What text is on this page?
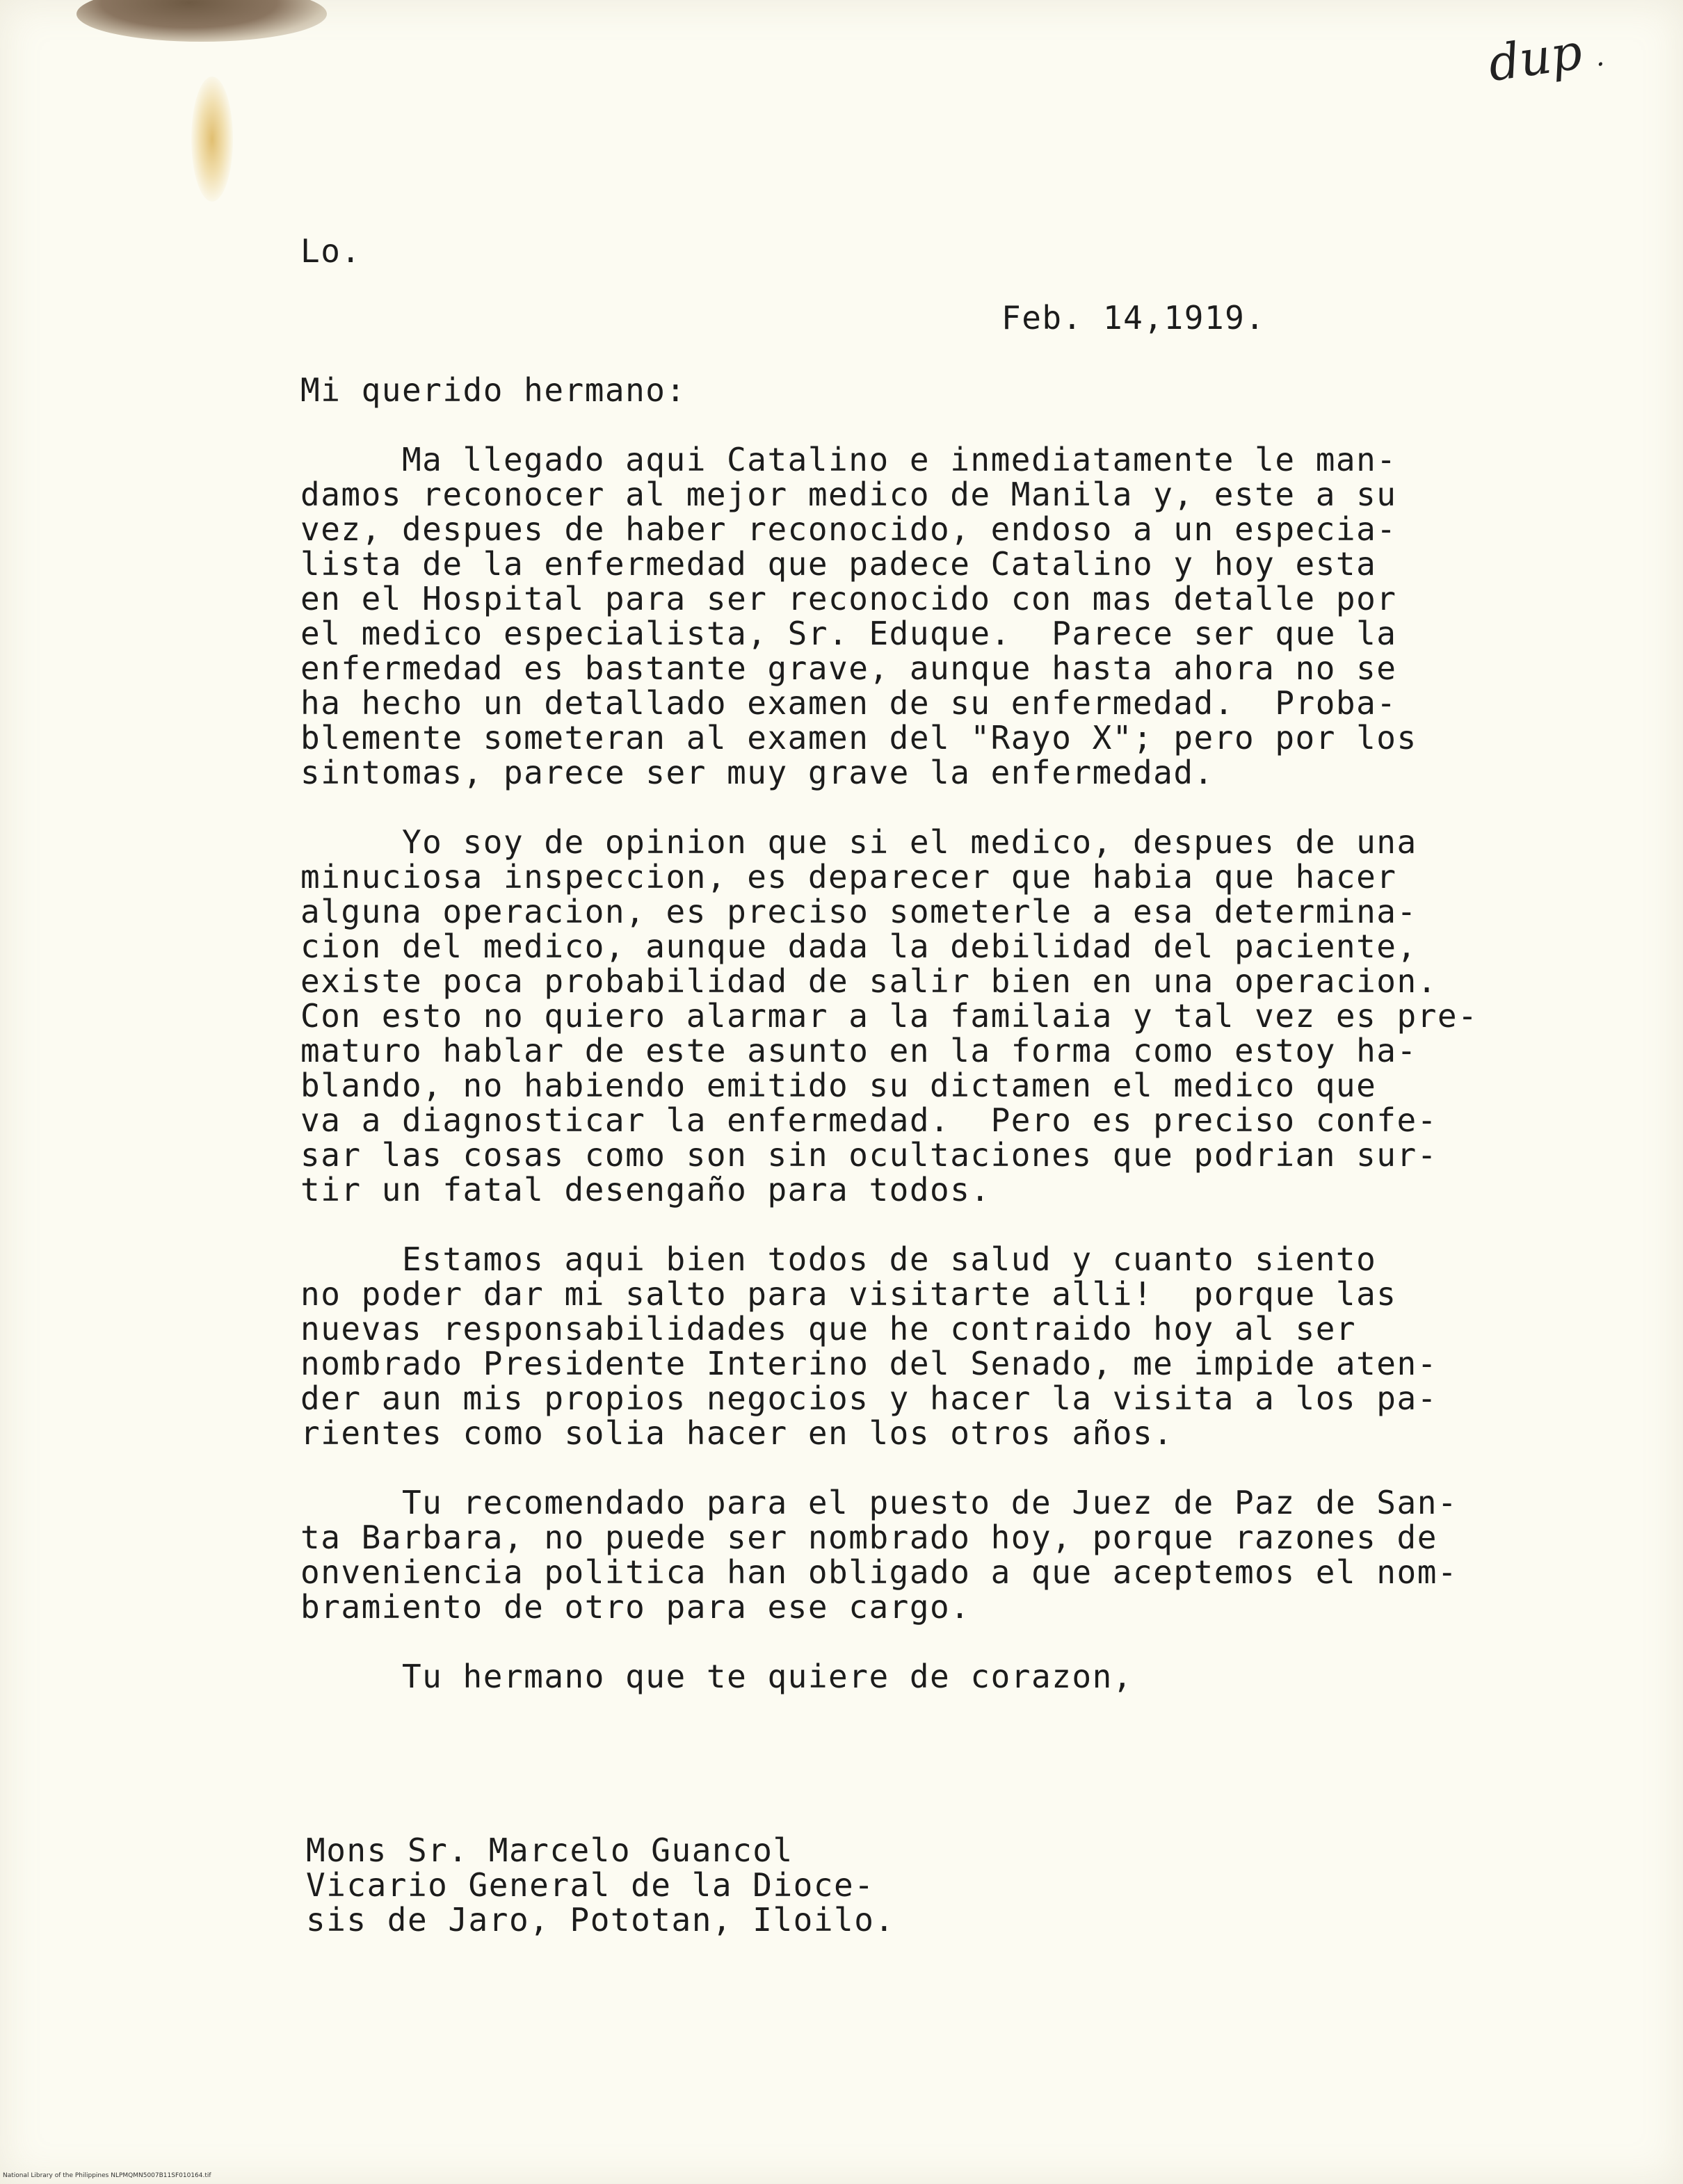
dup .
Lo.
Feb. 14,1919.
Mi querido hermano:
Ma llegado aqui Catalino e inmediatamente le man-
damos reconocer al mejor medico de Manila y, este a su
vez, despues de haber reconocido, endoso a un especia-
lista de la enfermedad que padece Catalino y hoy esta
en el Hospital para ser reconocido con mas detalle por
el medico especialista, Sr. Eduque.  Parece ser que la
enfermedad es bastante grave, aunque hasta ahora no se
ha hecho un detallado examen de su enfermedad.  Proba-
blemente someteran al examen del "Rayo X"; pero por los
sintomas, parece ser muy grave la enfermedad.
Yo soy de opinion que si el medico, despues de una
minuciosa inspeccion, es deparecer que habia que hacer
alguna operacion, es preciso someterle a esa determina-
cion del medico, aunque dada la debilidad del paciente,
existe poca probabilidad de salir bien en una operacion.
Con esto no quiero alarmar a la familaia y tal vez es pre-
maturo hablar de este asunto en la forma como estoy ha-
blando, no habiendo emitido su dictamen el medico que
va a diagnosticar la enfermedad.  Pero es preciso confe-
sar las cosas como son sin ocultaciones que podrian sur-
tir un fatal desengaño para todos.
Estamos aqui bien todos de salud y cuanto siento
no poder dar mi salto para visitarte alli!  porque las
nuevas responsabilidades que he contraido hoy al ser
nombrado Presidente Interino del Senado, me impide aten-
der aun mis propios negocios y hacer la visita a los pa-
rientes como solia hacer en los otros años.
Tu recomendado para el puesto de Juez de Paz de San-
ta Barbara, no puede ser nombrado hoy, porque razones de
onveniencia politica han obligado a que aceptemos el nom-
bramiento de otro para ese cargo.
Tu hermano que te quiere de corazon,
Mons Sr. Marcelo Guancol
Vicario General de la Dioce-
sis de Jaro, Pototan, Iloilo.
National Library of the Philippines NLPMQMN5007B11SF010164.tif
